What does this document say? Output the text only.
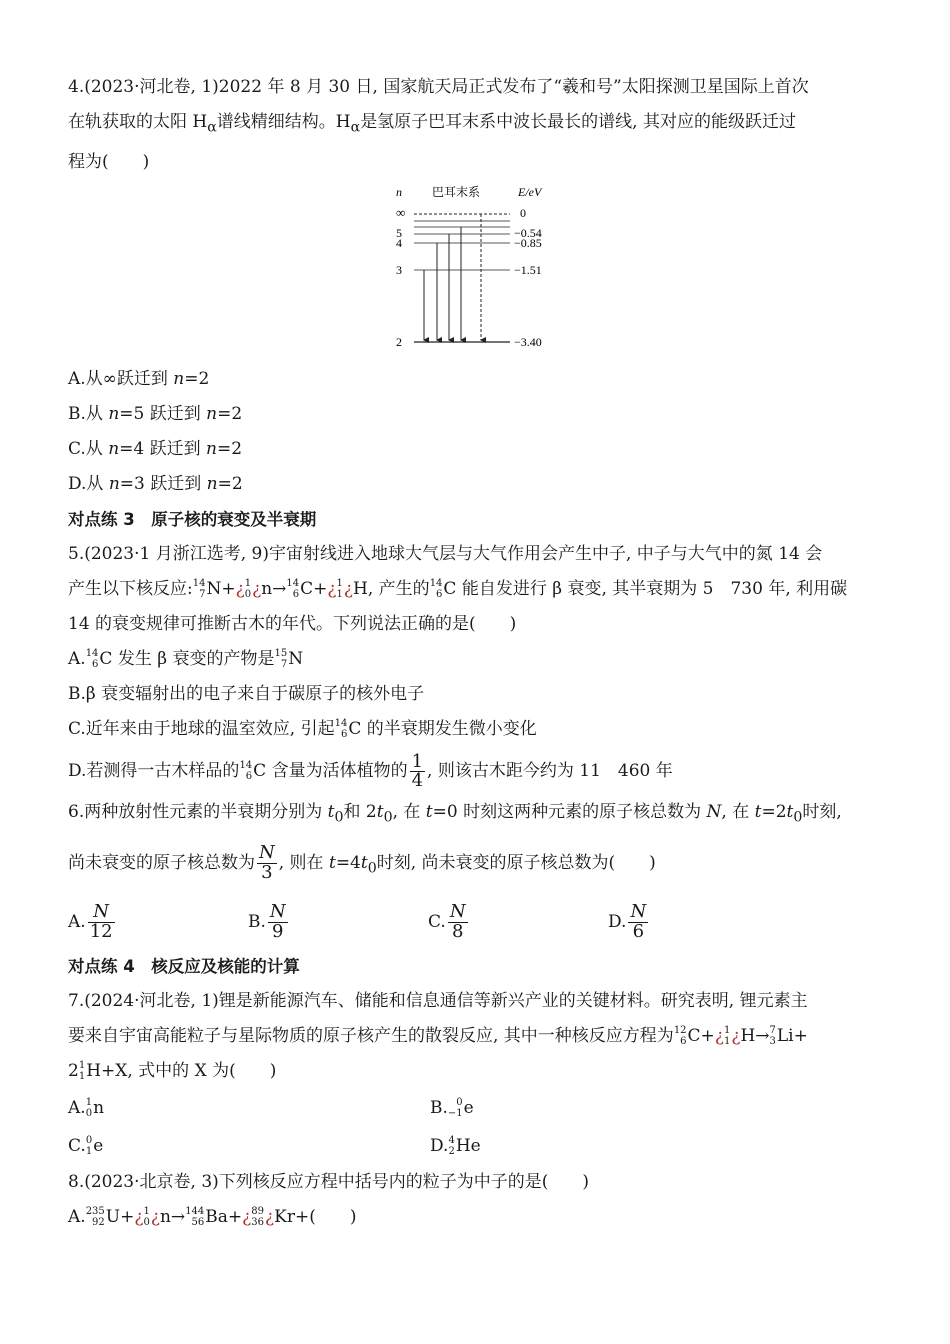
4.(2023·河北卷, 1)2022 年 8 月 30 日, 国家航天局正式发布了“羲和号”太阳探测卫星国际上首次

在轨获取的太阳 $H_\alpha$谱线精细结构。$H_\alpha$是氢原子巴耳末系中波长最长的谱线, 其对应的能级跃迁过

程为(　　)

n	巴耳末系	E/eV
∞
5
4
3
2
0
−0.54
−0.85
−1.51
−3.40

A.从∞跃迁到 n=2

B.从 n=5 跃迁到 n=2

C.从 n=4 跃迁到 n=2

D.从 n=3 跃迁到 n=2

对点练 3　原子核的衰变及半衰期

5.(2023·1 月浙江选考, 9)宇宙射线进入地球大气层与大气作用会产生中子, 中子与大气中的氮 14 会

产生以下核反应: 14
7 N+¿ 1
0 ¿n→ 14
6 C+¿ 1
1 ¿H, 产生的 14
6 C 能自发进行 β 衰变, 其半衰期为 5　730 年, 利用碳

14 的衰变规律可推断古木的年代。下列说法正确的是(　　)

A. 14
6 C 发生 β 衰变的产物是 15
7 N

B.β 衰变辐射出的电子来自于碳原子的核外电子

C.近年来由于地球的温室效应, 引起 14
6 C 的半衰期发生微小变化

D.若测得一古木样品的 14
6 C 含量为活体植物的 $\frac{1}{4}$ , 则该古木距今约为 11　460 年

6.两种放射性元素的半衰期分别为 $t_0$和 $2t_0$, 在 t=0 时刻这两种元素的原子核总数为 N, 在 $t=2t_0$时刻,

尚未衰变的原子核总数为 $\frac{N}{3}$ , 则在 $t=4t_0$时刻, 尚未衰变的原子核总数为(　　)

A. $\frac{N}{12}$	B. $\frac{N}{9}$	C. $\frac{N}{8}$	D. $\frac{N}{6}$

对点练 4　核反应及核能的计算

7.(2024·河北卷, 1)锂是新能源汽车、储能和信息通信等新兴产业的关键材料。研究表明, 锂元素主

要来自宇宙高能粒子与星际物质的原子核产生的散裂反应, 其中一种核反应方程为 12
6 C+¿ 1
1 ¿H→ 7
3 Li+

2 1
1 H+X, 式中的 X 为(　　)

A. 1
0 n	B. 0
−1 e
C. 0
1 e	D. 4
2 He

8.(2023·北京卷, 3)下列核反应方程中括号内的粒子为中子的是(　　)

A. 235
92 U+¿ 1
0 ¿n→ 144
56 Ba+¿ 89
36 ¿Kr+(　　)
